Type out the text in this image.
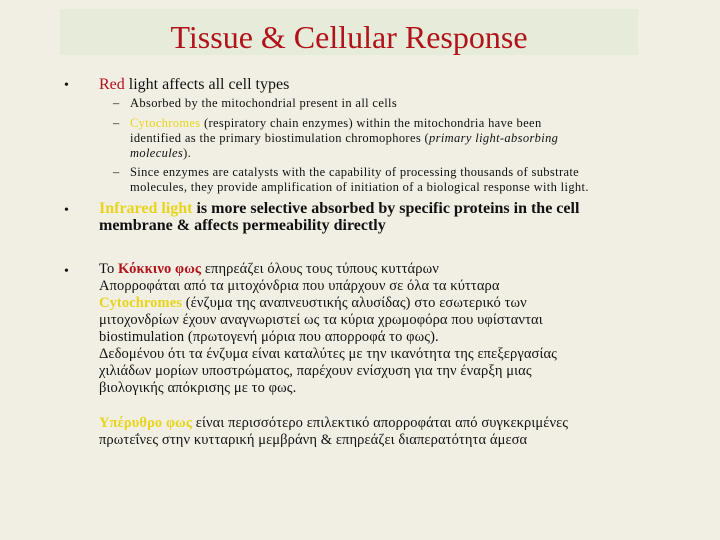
Tissue & Cellular Response
• Red light affects all cell types
– Absorbed by the mitochondrial present in all cells
– Cytochromes (respiratory chain enzymes) within the mitochondria have been
identified as the primary biostimulation chromophores (primary light-absorbing
molecules).
– Since enzymes are catalysts with the capability of processing thousands of substrate
molecules, they provide amplification of initiation of a biological response with light.
• Infrared light is more selective absorbed by specific proteins in the cell
membrane & affects permeability directly
• Το Κόκκινο φως επηρεάζει όλους τους τύπους κυττάρων
Απορροφάται από τα μιτοχόνδρια που υπάρχουν σε όλα τα κύτταρα
Cytochromes (ένζυμα της αναπνευστικής αλυσίδας) στο εσωτερικό των
μιτοχονδρίων έχουν αναγνωριστεί ως τα κύρια χρωμοφόρα που υφίστανται
biostimulation (πρωτογενή μόρια που απορροφά το φως).
Δεδομένου ότι τα ένζυμα είναι καταλύτες με την ικανότητα της επεξεργασίας
χιλιάδων μορίων υποστρώματος, παρέχουν ενίσχυση για την έναρξη μιας
βιολογικής απόκρισης με το φως.
Υπέρυθρο φως είναι περισσότερο επιλεκτικό απορροφάται από συγκεκριμένες
πρωτεΐνες στην κυτταρική μεμβράνη & επηρεάζει διαπερατότητα άμεσα
